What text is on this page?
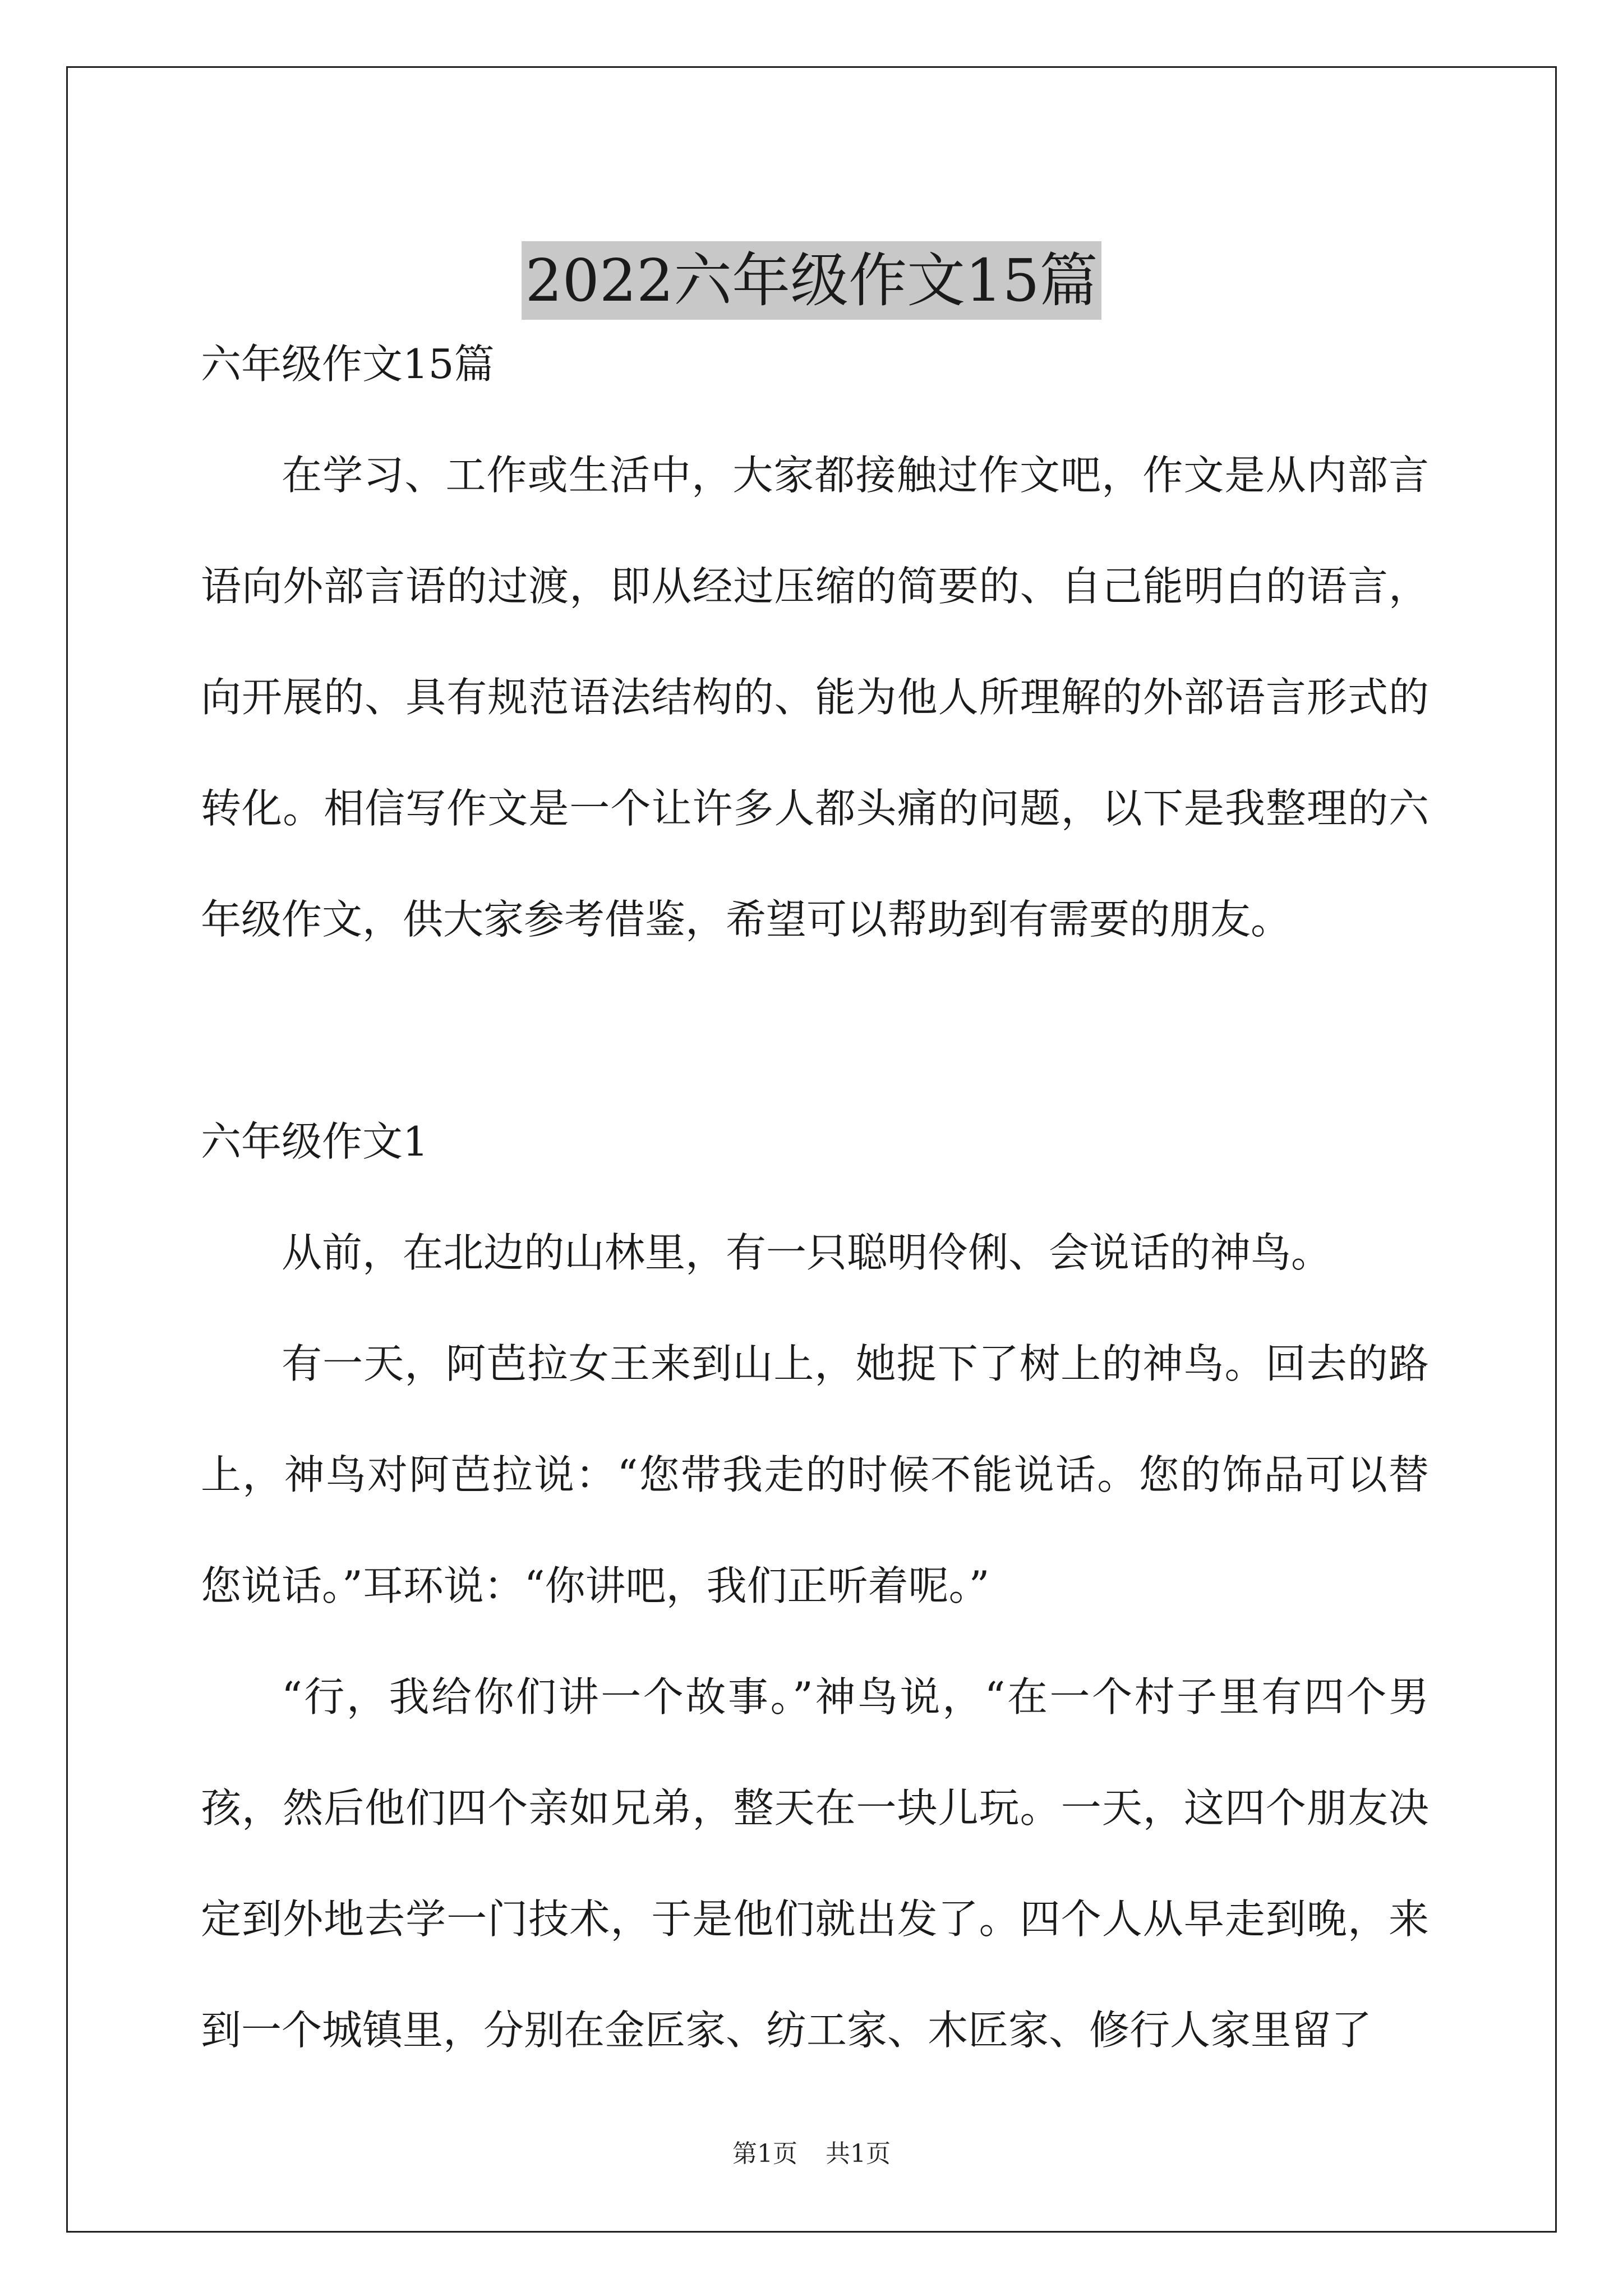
2022六年级作文15篇

六年级作文15篇

在学习、工作或生活中，大家都接触过作文吧，作文是从内部言语向外部言语的过渡，即从经过压缩的简要的、自己能明白的语言，向开展的、具有规范语法结构的、能为他人所理解的外部语言形式的转化。相信写作文是一个让许多人都头痛的问题，以下是我整理的六年级作文，供大家参考借鉴，希望可以帮助到有需要的朋友。

六年级作文1

从前，在北边的山林里，有一只聪明伶俐、会说话的神鸟。

有一天，阿芭拉女王来到山上，她捉下了树上的神鸟。回去的路上，神鸟对阿芭拉说：“您带我走的时候不能说话。您的饰品可以替您说话。”耳环说：“你讲吧，我们正听着呢。”

“行，我给你们讲一个故事。”神鸟说，“在一个村子里有四个男孩，然后他们四个亲如兄弟，整天在一块儿玩。一天，这四个朋友决定到外地去学一门技术，于是他们就出发了。四个人从早走到晚，来到一个城镇里，分别在金匠家、纺工家、木匠家、修行人家里留了

第1页 共1页
